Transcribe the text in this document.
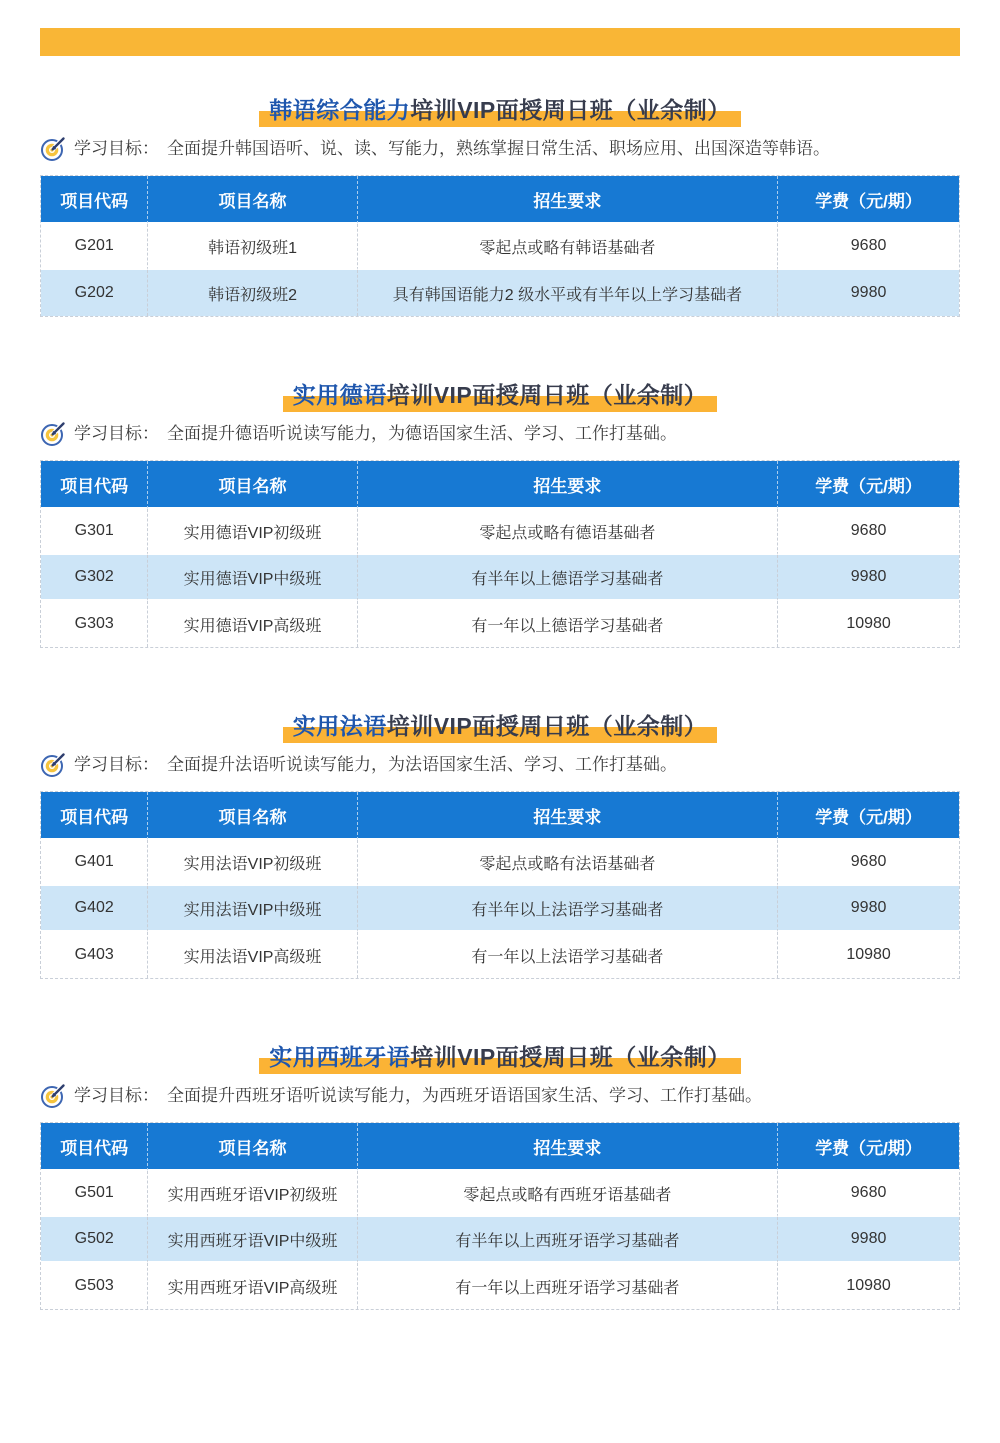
韩语综合能力培训VIP面授周日班（业余制）

学习目标： 全面提升韩国语听、说、读、写能力，熟练掌握日常生活、职场应用、出国深造等韩语。

项目代码	项目名称	招生要求	学费（元/期）
G201	韩语初级班1	零起点或略有韩语基础者	9680
G202	韩语初级班2	具有韩国语能力2 级水平或有半年以上学习基础者	9980
实用德语培训VIP面授周日班（业余制）

学习目标： 全面提升德语听说读写能力，为德语国家生活、学习、工作打基础。

项目代码	项目名称	招生要求	学费（元/期）
G301	实用德语VIP初级班	零起点或略有德语基础者	9680
G302	实用德语VIP中级班	有半年以上德语学习基础者	9980
G303	实用德语VIP高级班	有一年以上德语学习基础者	10980
实用法语培训VIP面授周日班（业余制）

学习目标： 全面提升法语听说读写能力，为法语国家生活、学习、工作打基础。

项目代码	项目名称	招生要求	学费（元/期）
G401	实用法语VIP初级班	零起点或略有法语基础者	9680
G402	实用法语VIP中级班	有半年以上法语学习基础者	9980
G403	实用法语VIP高级班	有一年以上法语学习基础者	10980
实用西班牙语培训VIP面授周日班（业余制）

学习目标： 全面提升西班牙语听说读写能力，为西班牙语语国家生活、学习、工作打基础。

项目代码	项目名称	招生要求	学费（元/期）
G501	实用西班牙语VIP初级班	零起点或略有西班牙语基础者	9680
G502	实用西班牙语VIP中级班	有半年以上西班牙语学习基础者	9980
G503	实用西班牙语VIP高级班	有一年以上西班牙语学习基础者	10980
